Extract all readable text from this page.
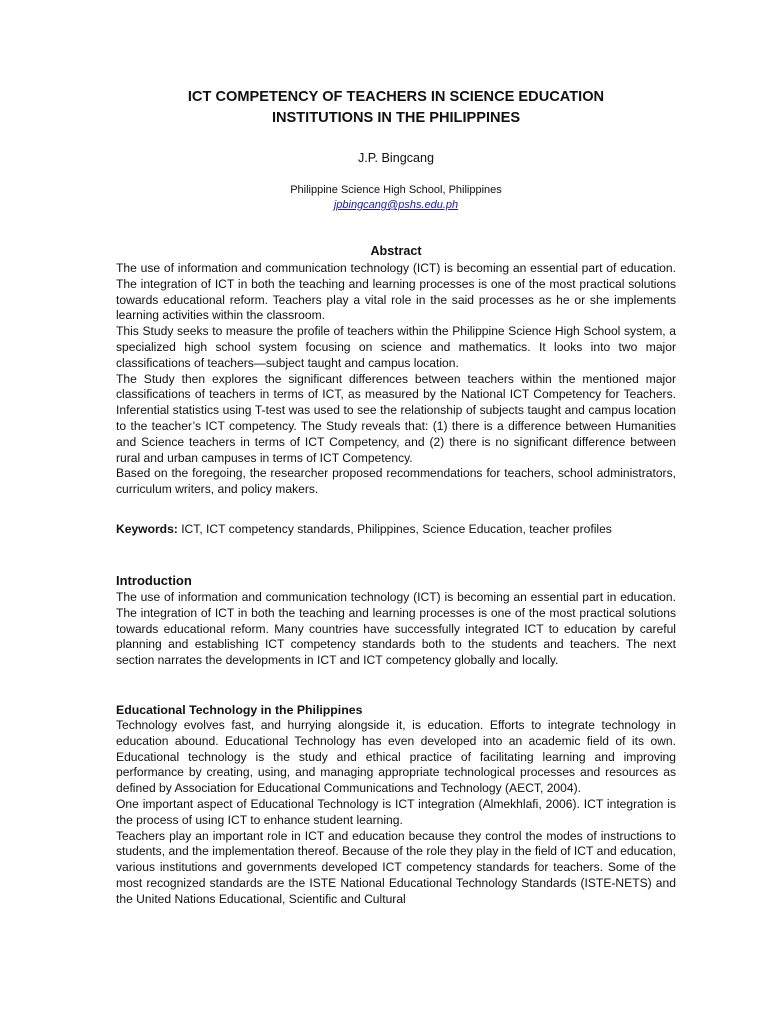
ICT COMPETENCY OF TEACHERS IN SCIENCE EDUCATION
INSTITUTIONS IN THE PHILIPPINES
J.P. Bingcang
Philippine Science High School, Philippines
jpbingcang@pshs.edu.ph
Abstract

The use of information and communication technology (ICT) is becoming an essential part of education. The integration of ICT in both the teaching and learning processes is one of the most practical solutions towards educational reform. Teachers play a vital role in the said processes as he or she implements learning activities within the classroom.

This Study seeks to measure the profile of teachers within the Philippine Science High School system, a specialized high school system focusing on science and mathematics. It looks into two major classifications of teachers—subject taught and campus location.

The Study then explores the significant differences between teachers within the mentioned major classifications of teachers in terms of ICT, as measured by the National ICT Competency for Teachers. Inferential statistics using T-test was used to see the relationship of subjects taught and campus location to the teacher’s ICT competency. The Study reveals that: (1) there is a difference between Humanities and Science teachers in terms of ICT Competency, and (2) there is no significant difference between rural and urban campuses in terms of ICT Competency.

Based on the foregoing, the researcher proposed recommendations for teachers, school administrators, curriculum writers, and policy makers.

Keywords: ICT, ICT competency standards, Philippines, Science Education, teacher profiles

Introduction

The use of information and communication technology (ICT) is becoming an essential part in education. The integration of ICT in both the teaching and learning processes is one of the most practical solutions towards educational reform. Many countries have successfully integrated ICT to education by careful planning and establishing ICT competency standards both to the students and teachers. The next section narrates the developments in ICT and ICT competency globally and locally.

Educational Technology in the Philippines

Technology evolves fast, and hurrying alongside it, is education. Efforts to integrate technology in education abound. Educational Technology has even developed into an academic field of its own. Educational technology is the study and ethical practice of facilitating learning and improving performance by creating, using, and managing appropriate technological processes and resources as defined by Association for Educational Communications and Technology (AECT, 2004).

One important aspect of Educational Technology is ICT integration (Almekhlafi, 2006). ICT integration is the process of using ICT to enhance student learning.

Teachers play an important role in ICT and education because they control the modes of instructions to students, and the implementation thereof. Because of the role they play in the field of ICT and education, various institutions and governments developed ICT competency standards for teachers. Some of the most recognized standards are the ISTE National Educational Technology Standards (ISTE-NETS) and the United Nations Educational, Scientific and Cultural
